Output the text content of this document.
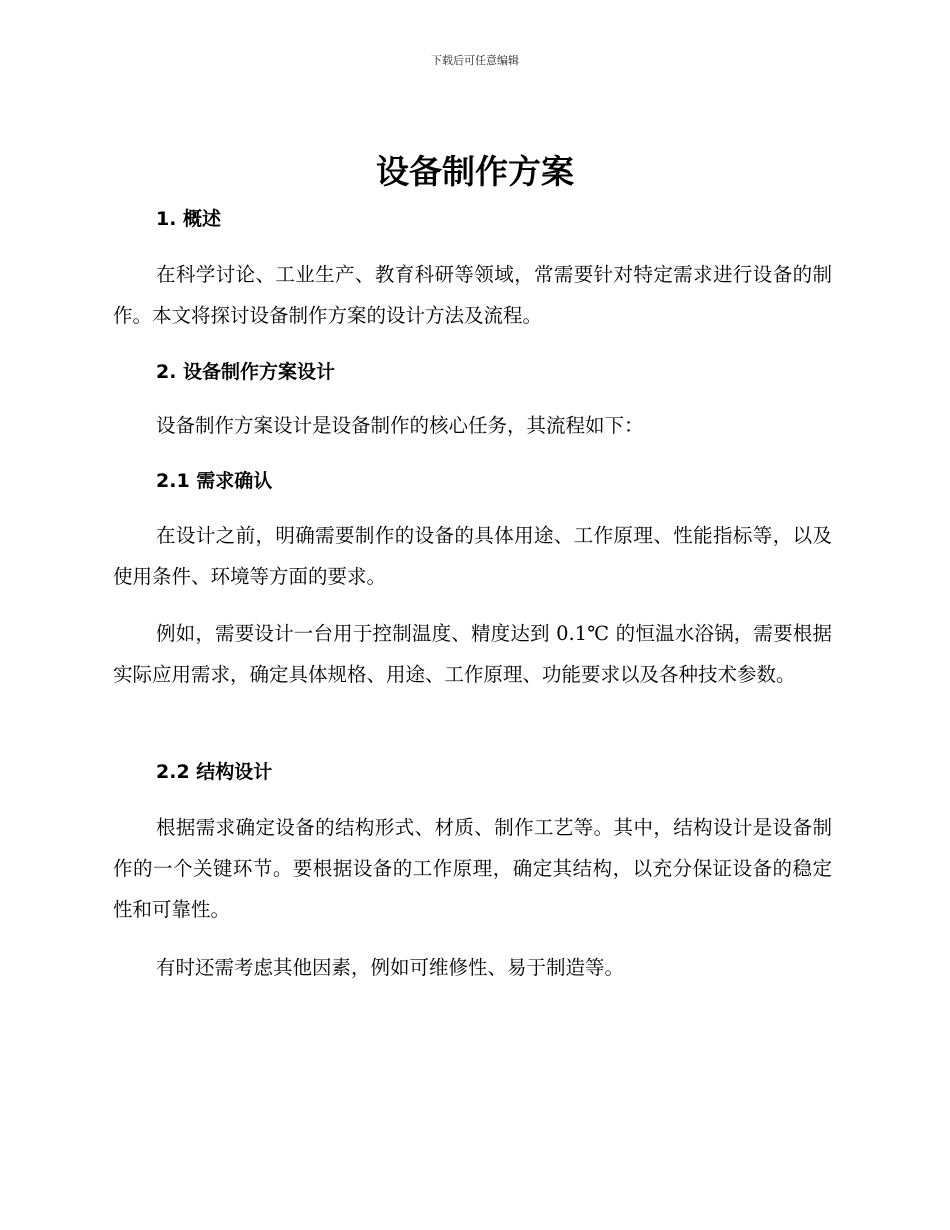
下载后可任意编辑
设备制作方案
1. 概述

在科学讨论、工业生产、教育科研等领域，常需要针对特定需求进行设备的制作。本文将探讨设备制作方案的设计方法及流程。

2. 设备制作方案设计

设备制作方案设计是设备制作的核心任务，其流程如下：

2.1 需求确认

在设计之前，明确需要制作的设备的具体用途、工作原理、性能指标等，以及使用条件、环境等方面的要求。

例如，需要设计一台用于控制温度、精度达到 0.1℃ 的恒温水浴锅，需要根据实际应用需求，确定具体规格、用途、工作原理、功能要求以及各种技术参数。

2.2 结构设计

根据需求确定设备的结构形式、材质、制作工艺等。其中，结构设计是设备制作的一个关键环节。要根据设备的工作原理，确定其结构，以充分保证设备的稳定性和可靠性。

有时还需考虑其他因素，例如可维修性、易于制造等。
